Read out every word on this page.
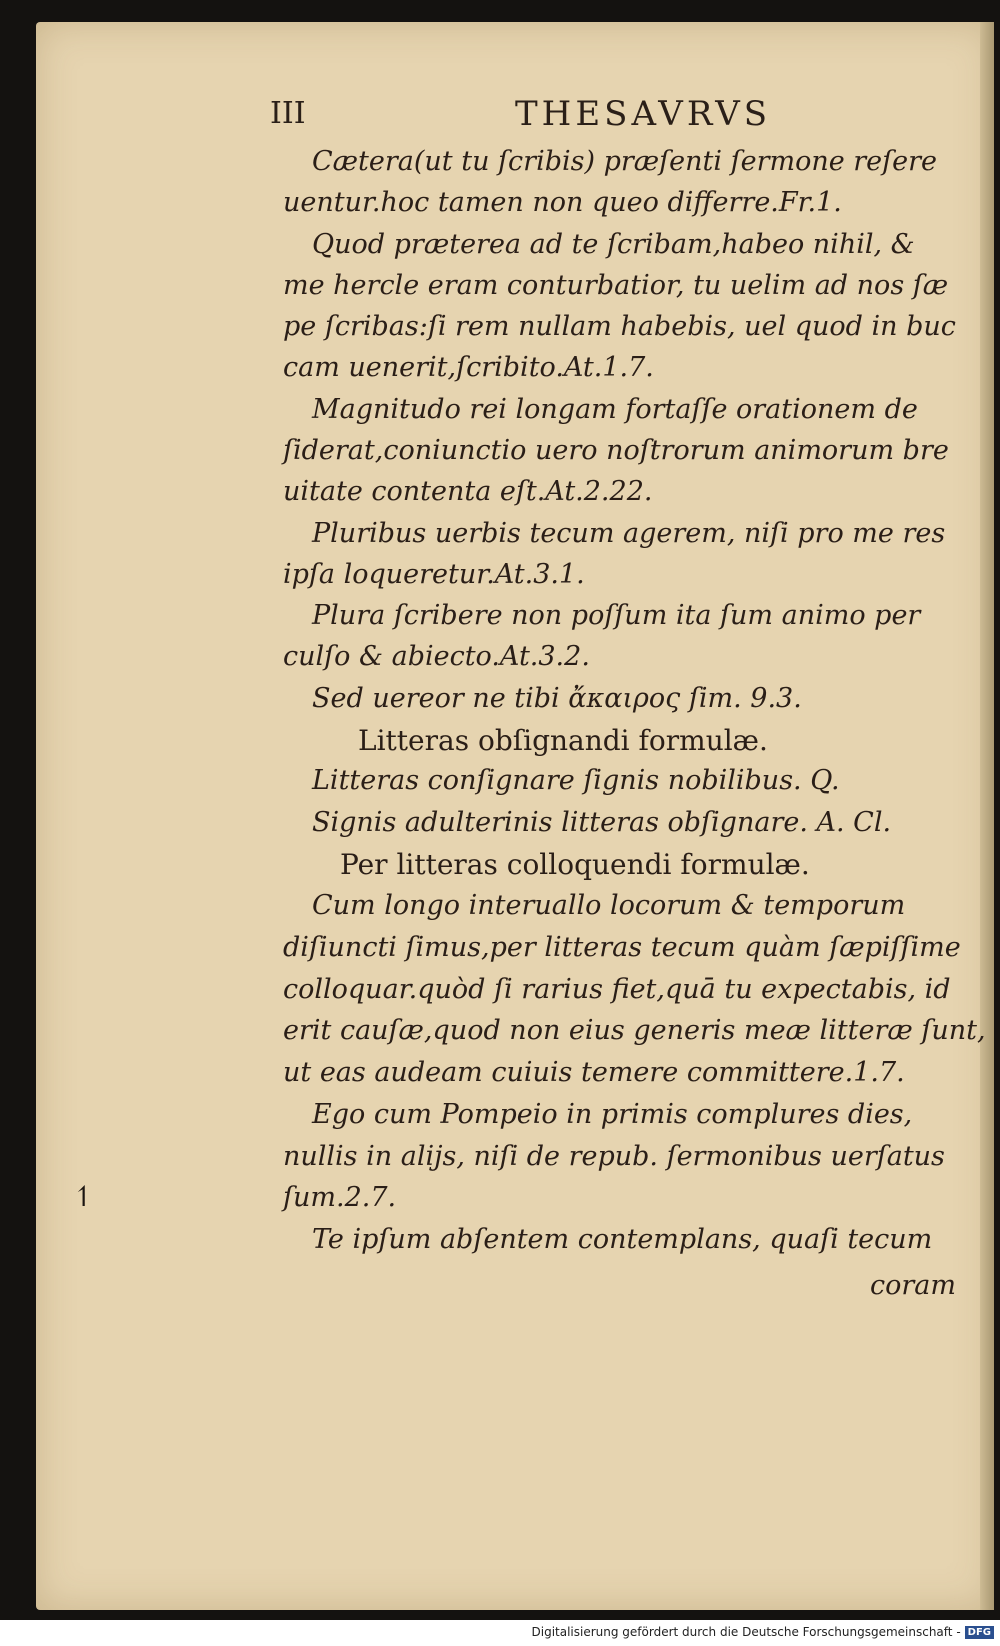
III	THESAVRVS
Cætera(ut tu ſcribis) præſenti ſermone reſere
uentur.hoc tamen non queo differre.Fr.1.
Quod præterea ad te ſcribam,habeo nihil, &
me hercle eram conturbatior, tu uelim ad nos ſæ
pe ſcribas:ſi rem nullam habebis, uel quod in buc
cam uenerit,ſcribito.At.1.7.
Magnitudo rei longam fortaſſe orationem de
ſiderat,coniunctio uero noſtrorum animorum bre
uitate contenta eſt.At.2.22.
Pluribus uerbis tecum agerem, niſi pro me res
ipſa loqueretur.At.3.1.
Plura ſcribere non poſſum ita ſum animo per
culſo & abiecto.At.3.2.
Sed uereor ne tibi ἄκαιρος ſim. 9.3.
Litteras obſignandi formulæ.
Litteras conſignare ſignis nobilibus. Q.
Signis adulterinis litteras obſignare. A. Cl.
Per litteras colloquendi formulæ.
Cum longo interuallo locorum & temporum
diſiuncti ſimus,per litteras tecum quàm ſæpiſſime
colloquar.quòd ſi rarius fiet,quā tu expectabis, id
erit cauſæ,quod non eius generis meæ litteræ ſunt,
ut eas audeam cuiuis temere committere.1.7.
Ego cum Pompeio in primis complures dies,
nullis in alijs, niſi de repub. ſermonibus uerſatus
ſum.2.7.
Te ipſum abſentem contemplans, quaſi tecum
coram
↿
Digitalisierung gefördert durch die Deutsche Forschungsgemeinschaft - DFG
